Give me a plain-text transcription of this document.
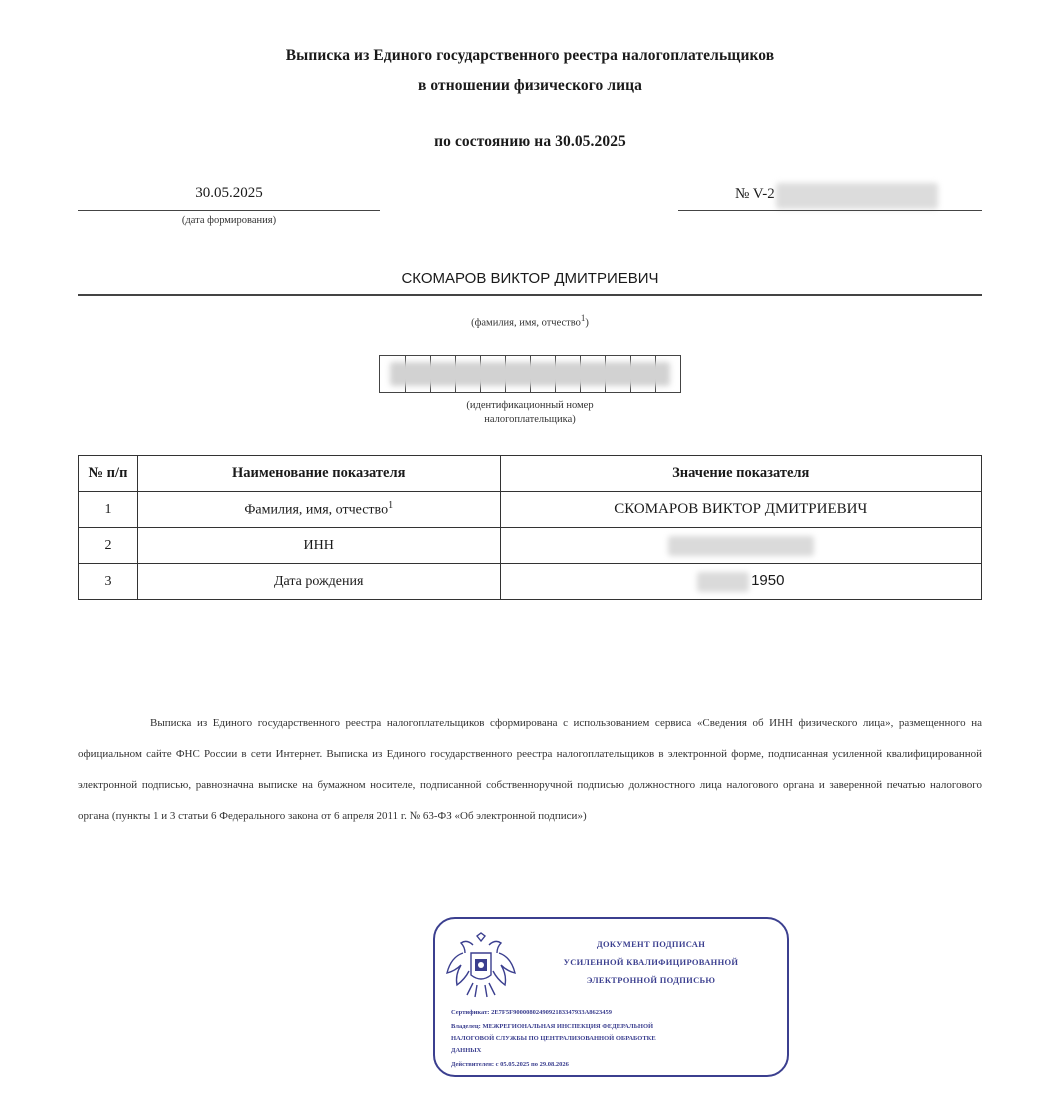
Выписка из Единого государственного реестра налогоплательщиков
в отношении физического лица
по состоянию на 30.05.2025
30.05.2025
(дата формирования)
№ V-2
СКОМАРОВ ВИКТОР ДМИТРИЕВИЧ
(фамилия, имя, отчество$^1$)
(идентификационный номер
налогоплательщика)
№ п/п	Наименование показателя	Значение показателя
1	Фамилия, имя, отчество$^1$	СКОМАРОВ ВИКТОР ДМИТРИЕВИЧ
2	ИНН	
3	Дата рождения	1950
Выписка из Единого государственного реестра налогоплательщиков сформирована с использованием сервиса «Сведения об ИНН физического лица», размещенного на официальном сайте ФНС России в сети Интернет. Выписка из Единого государственного реестра налогоплательщиков в электронной форме, подписанная усиленной квалифицированной электронной подписью, равнозначна выписке на бумажном носителе, подписанной собственноручной подписью должностного лица налогового органа и заверенной печатью налогового органа (пункты 1 и 3 статьи 6 Федерального закона от 6 апреля 2011 г. № 63-ФЗ «Об электронной подписи»)
ДОКУМЕНТ ПОДПИСАН
УСИЛЕННОЙ КВАЛИФИЦИРОВАННОЙ
ЭЛЕКТРОННОЙ ПОДПИСЬЮ
Сертификат: 2E7F5F9000080249092183347933A8623459
Владелец: МЕЖРЕГИОНАЛЬНАЯ ИНСПЕКЦИЯ ФЕДЕРАЛЬНОЙ
НАЛОГОВОЙ СЛУЖБЫ ПО ЦЕНТРАЛИЗОВАННОЙ ОБРАБОТКЕ
ДАННЫХ
Действителен: с 05.05.2025 по 29.08.2026
